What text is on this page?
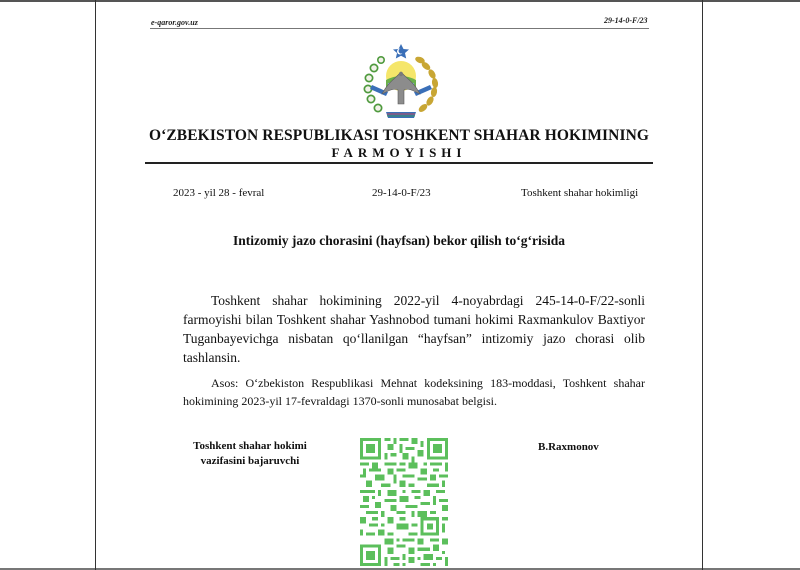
e-qaror.gov.uz	29-14-0-F/23
O‘ZBEKISTON RESPUBLIKASI TOSHKENT SHAHAR HOKIMINING
FARMOYISHI
2023 - yil 28 - fevral	29-14-0-F/23	Toshkent shahar hokimligi
Intizomiy jazo chorasini (hayfsan) bekor qilish to‘g‘risida
Toshkent shahar hokimining 2022-yil 4-noyabrdagi 245-14-0-F/22-sonli farmoyishi bilan Toshkent shahar Yashnobod tumani hokimi Raxmankulov Baxtiyor Tuganbayevichga nisbatan qo‘llanilgan “hayfsan” intizomiy jazo chorasi olib tashlansin.
Asos: O‘zbekiston Respublikasi Mehnat kodeksining 183-moddasi, Toshkent shahar hokimining 2023-yil 17-fevraldagi 1370-sonli munosabat belgisi.
Toshkent shahar hokimi
vazifasini bajaruvchi
B.Raxmonov
